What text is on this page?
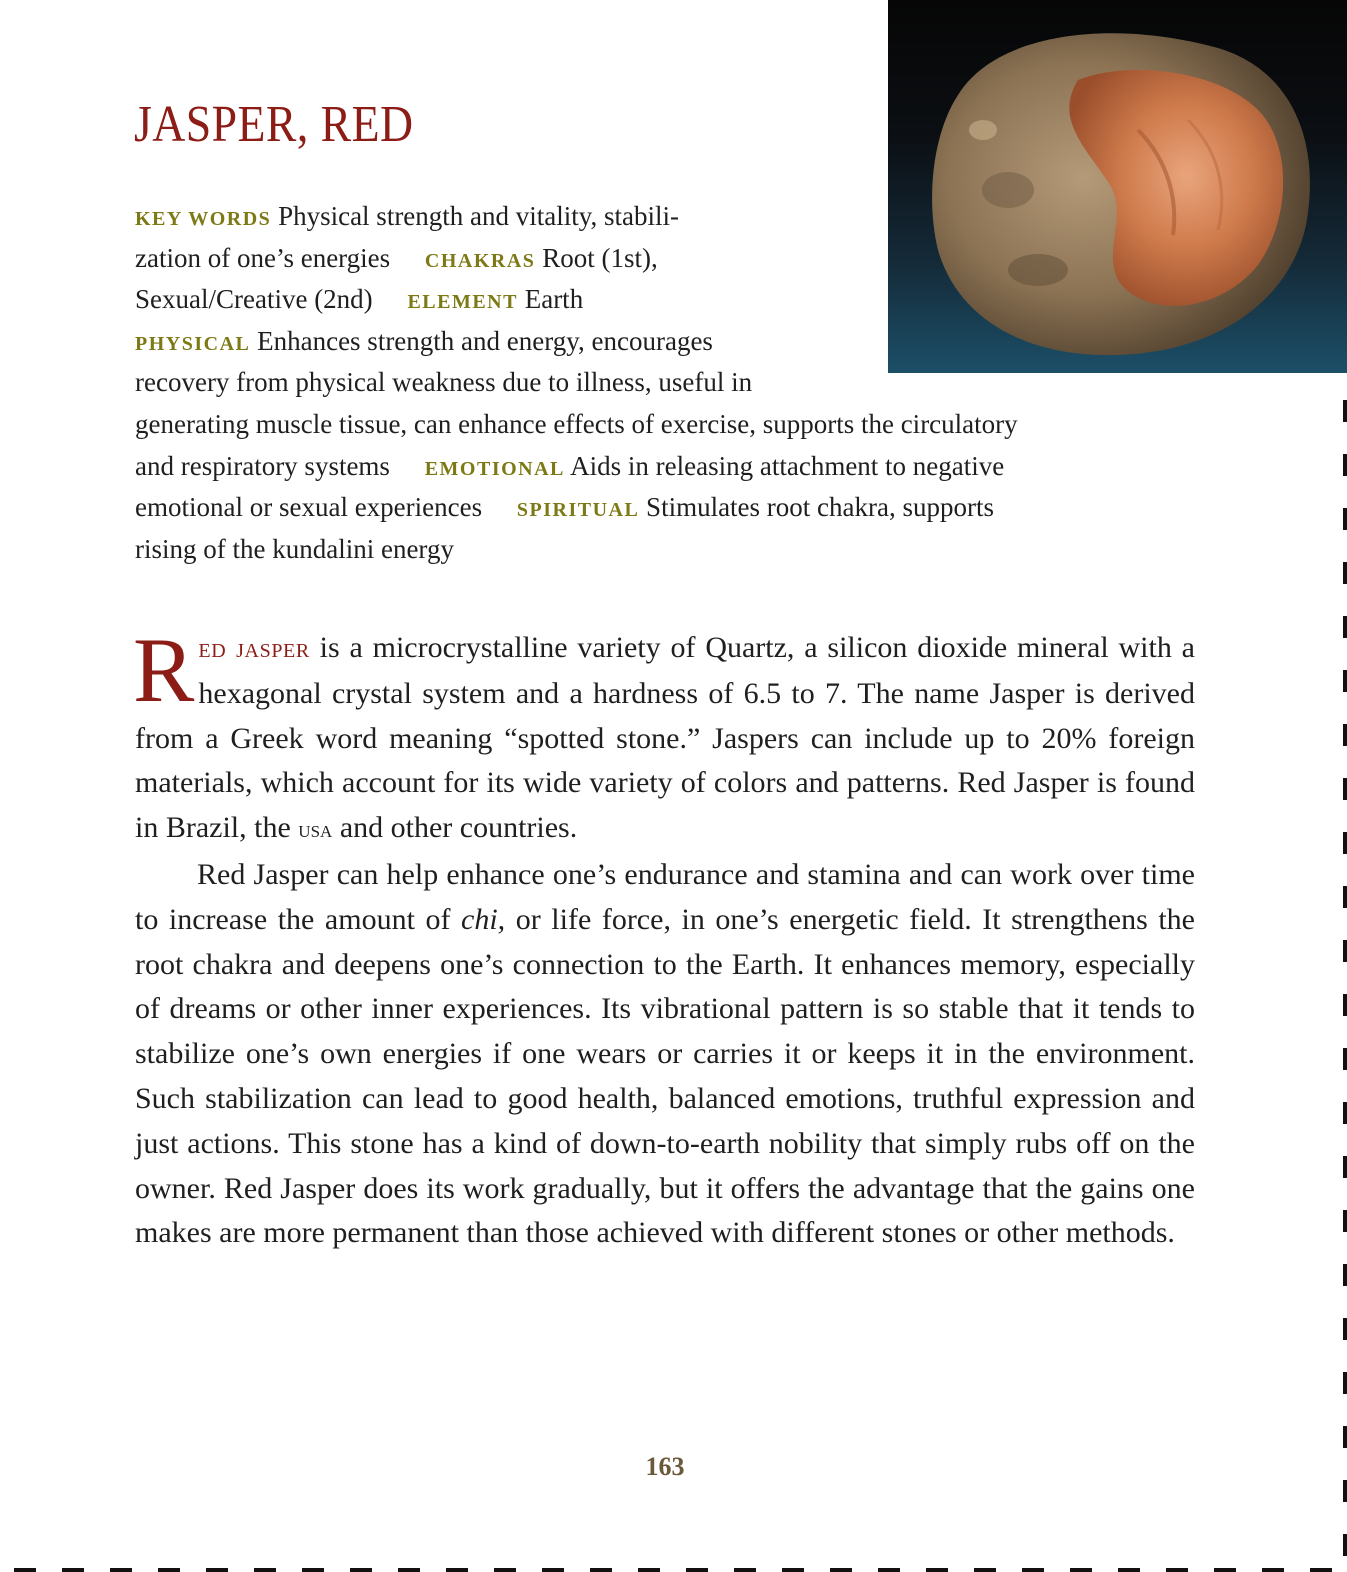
JASPER, RED
KEY WORDS Physical strength and vitality, stabili-
zation of one’s energies CHAKRAS Root (1st),
Sexual/Creative (2nd) ELEMENT Earth
PHYSICAL Enhances strength and energy, encourages
recovery from physical weakness due to illness, useful in
generating muscle tissue, can enhance effects of exercise, supports the circulatory
and respiratory systems EMOTIONAL Aids in releasing attachment to negative
emotional or sexual experiences SPIRITUAL Stimulates root chakra, supports
rising of the kundalini energy

Red jasper is a microcrystalline variety of Quartz, a silicon dioxide mineral with a hexagonal crystal system and a hardness of 6.5 to 7. The name Jasper is derived from a Greek word meaning “spotted stone.” Jaspers can include up to 20% foreign materials, which account for its wide variety of colors and patterns. Red Jasper is found in Brazil, the usa and other countries.

Red Jasper can help enhance one’s endurance and stamina and can work over time to increase the amount of chi, or life force, in one’s energetic field. It strengthens the root chakra and deepens one’s connection to the Earth. It enhances memory, especially of dreams or other inner experiences. Its vibrational pattern is so stable that it tends to stabilize one’s own energies if one wears or carries it or keeps it in the environment. Such stabilization can lead to good health, balanced emotions, truthful expression and just actions. This stone has a kind of down-to-earth nobility that simply rubs off on the owner. Red Jasper does its work gradually, but it offers the advantage that the gains one makes are more permanent than those achieved with different stones or other methods.

163
